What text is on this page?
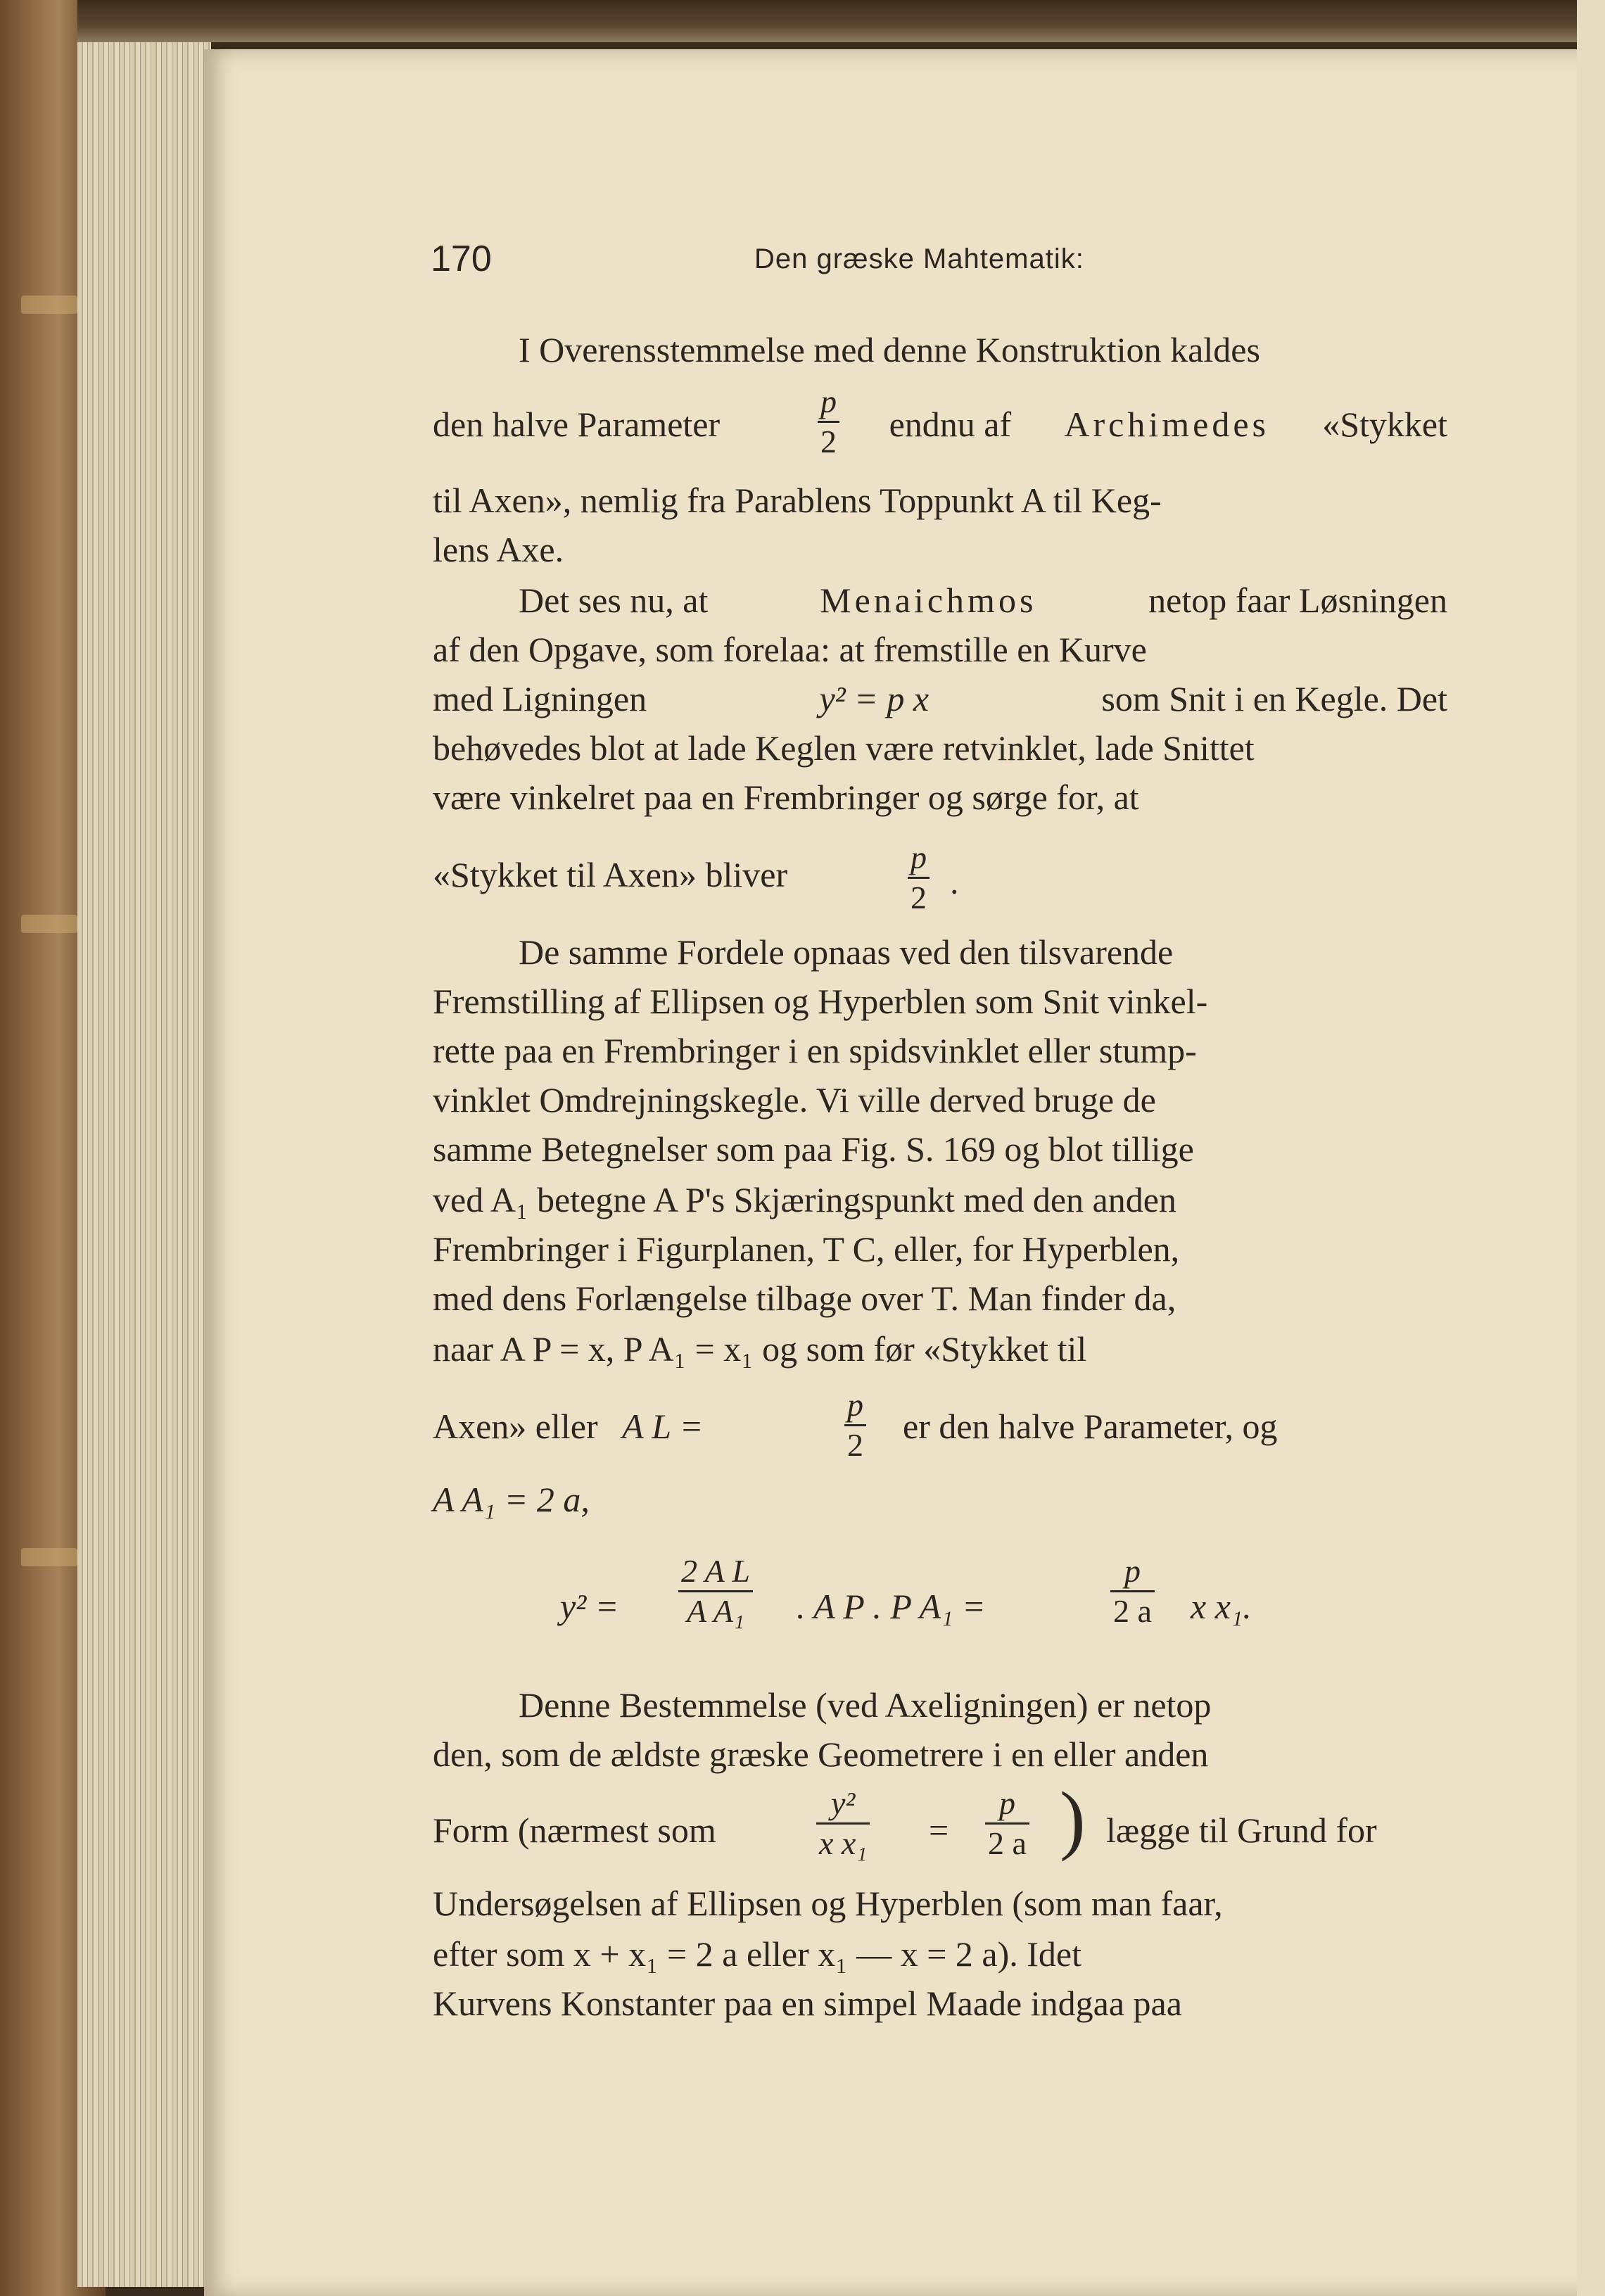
170	Den græske Mahtematik:

I Overensstemmelse med denne Konstruktion kaldes

den halve Parameter	endnu af Archimedes «Stykket
p
2

til Axen», nemlig fra Parablens Toppunkt A til Keg-

lens Axe.

Det ses nu, at	Menaichmos	netop faar Løsningen

af den Opgave, som forelaa: at fremstille en Kurve

med Ligningen	y² = p x	som Snit i en Kegle. Det

behøvedes blot at lade Keglen være retvinklet, lade Snittet

være vinkelret paa en Frembringer og sørge for, at

«Stykket til Axen» bliver	p
2 .

De samme Fordele opnaas ved den tilsvarende

Fremstilling af Ellipsen og Hyperblen som Snit vinkel-

rette paa en Frembringer i en spidsvinklet eller stump-

vinklet Omdrejningskegle. Vi ville derved bruge de

samme Betegnelser som paa Fig. S. 169 og blot tillige

ved A₁ betegne A P's Skjæringspunkt med den anden

Frembringer i Figurplanen, T C, eller, for Hyperblen,

med dens Forlængelse tilbage over T. Man finder da,

naar A P = x, P A₁ = x₁ og som før «Stykket til

Axen» eller A L =	er den halve Parameter, og
p
2

A A₁ = 2 a,

y² =

2 A L
A A₁ . A P . P A₁ =

p
2 a x x₁.

Denne Bestemmelse (ved Axeligningen) er netop

den, som de ældste græske Geometrere i en eller anden

Form (nærmest som

y²
x x₁ =

p
2 a ) lægge til Grund for

Undersøgelsen af Ellipsen og Hyperblen (som man faar,

efter som x + x₁ = 2 a eller x₁ — x = 2 a). Idet

Kurvens Konstanter paa en simpel Maade indgaa paa
